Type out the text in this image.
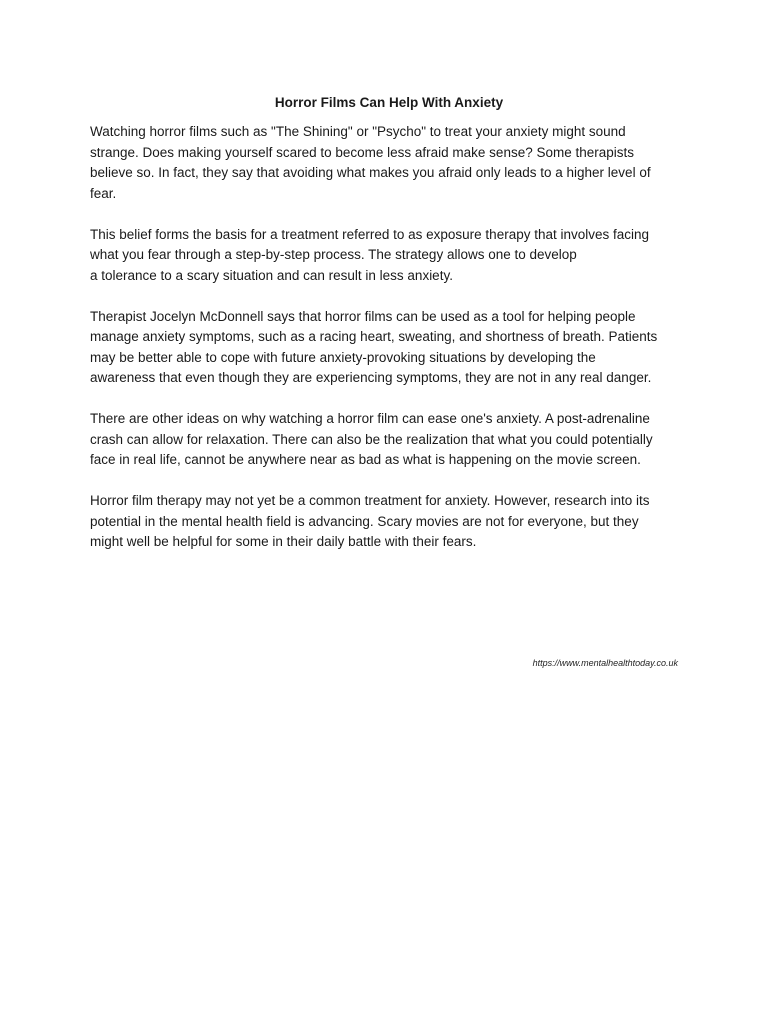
Horror Films Can Help With Anxiety

Watching horror films such as "The Shining" or "Psycho" to treat your anxiety might sound
strange. Does making yourself scared to become less afraid make sense? Some therapists
believe so. In fact, they say that avoiding what makes you afraid only leads to a higher level of
fear.

This belief forms the basis for a treatment referred to as exposure therapy that involves facing
what you fear through a step-by-step process. The strategy allows one to develop
a tolerance to a scary situation and can result in less anxiety.

Therapist Jocelyn McDonnell says that horror films can be used as a tool for helping people
manage anxiety symptoms, such as a racing heart, sweating, and shortness of breath. Patients
may be better able to cope with future anxiety-provoking situations by developing the
awareness that even though they are experiencing symptoms, they are not in any real danger.

There are other ideas on why watching a horror film can ease one's anxiety. A post-adrenaline
crash can allow for relaxation. There can also be the realization that what you could potentially
face in real life, cannot be anywhere near as bad as what is happening on the movie screen.

Horror film therapy may not yet be a common treatment for anxiety. However, research into its
potential in the mental health field is advancing. Scary movies are not for everyone, but they
might well be helpful for some in their daily battle with their fears.

https://www.mentalhealthtoday.co.uk
